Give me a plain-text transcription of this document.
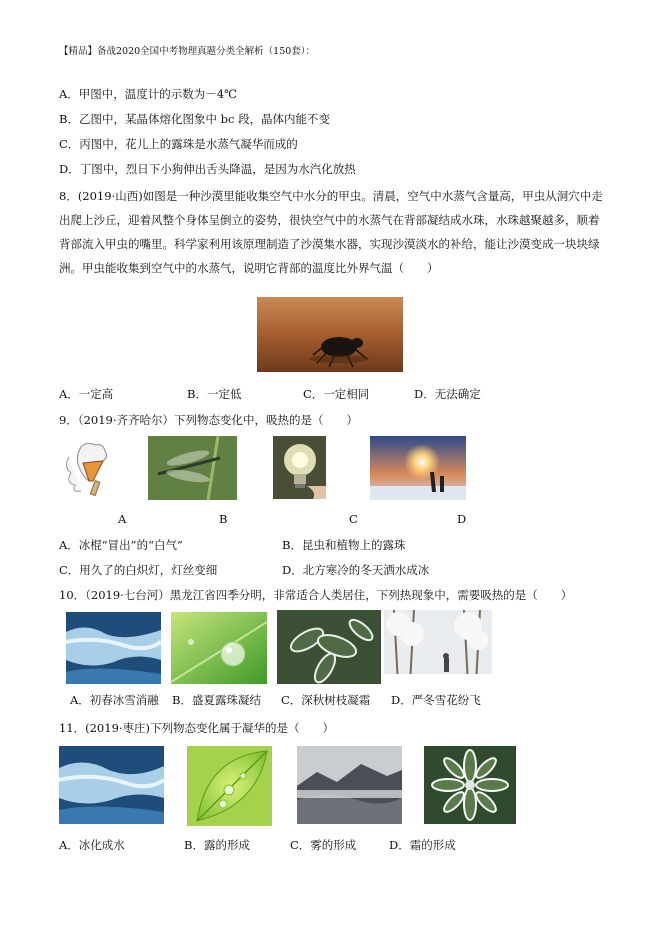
【精品】备战2020全国中考物理真题分类全解析（150套）：
A．甲图中，温度计的示数为－4℃
B．乙图中，某晶体熔化图象中 bc 段，晶体内能不变
C．丙图中，花儿上的露珠是水蒸气凝华而成的
D．丁图中，烈日下小狗伸出舌头降温，是因为水汽化放热
8．(2019·山西)如图是一种沙漠里能收集空气中水分的甲虫。清晨，空气中水蒸气含量高，甲虫从洞穴中走出爬上沙丘，迎着风整个身体呈倒立的姿势，很快空气中的水蒸气在背部凝结成水珠，水珠越聚越多，顺着背部流入甲虫的嘴里。科学家利用该原理制造了沙漠集水器，实现沙漠淡水的补给，能让沙漠变成一块块绿洲。甲虫能收集到空气中的水蒸气，说明它背部的温度比外界气温（　　）
A．一定高	B．一定低	C．一定相同	D．无法确定
9．（2019·齐齐哈尔）下列物态变化中，吸热的是（　　）
A	B	C	D
A．冰棍“冒出”的“白气”	B．昆虫和植物上的露珠
C．用久了的白炽灯，灯丝变细	D．北方寒冷的冬天洒水成冰
10．（2019·七台河）黑龙江省四季分明，非常适合人类居住，下列热现象中，需要吸热的是（　　）
A．初春冰雪消融 B．盛夏露珠凝结 C．深秋树枝凝霜 D．严冬雪花纷飞
11．(2019·枣庄)下列物态变化属于凝华的是（　　）
A．冰化成水	B．露的形成	C．雾的形成	D．霜的形成
